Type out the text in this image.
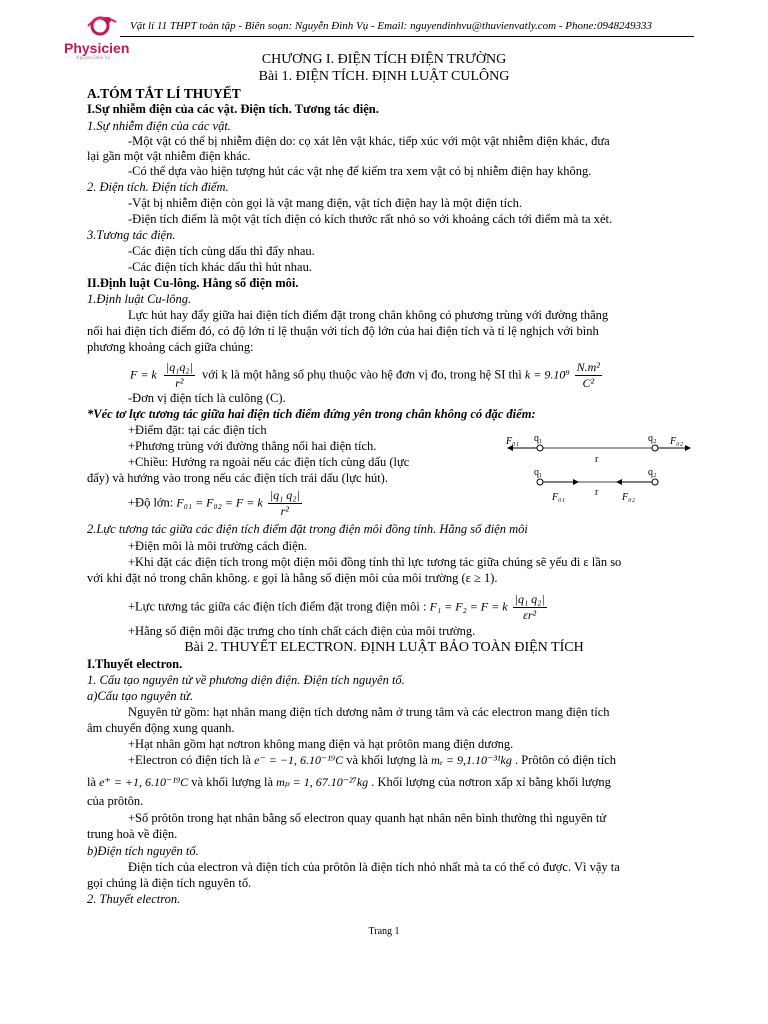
Physicien
Nguyen Dinh Vu
Vật lí 11 THPT toàn tập - Biên soạn: Nguyễn Đình Vụ - Email: nguyendinhvu@thuvienvatly.com - Phone:0948249333
CHƯƠNG I. ĐIỆN TÍCH ĐIỆN TRƯỜNG
Bài 1. ĐIỆN TÍCH. ĐỊNH LUẬT CULÔNG
A.TÓM TẮT LÍ THUYẾT
I.Sự nhiễm điện của các vật. Điện tích. Tương tác điện.
1.Sự nhiễm điện của các vật.
-Một vật có thể bị nhiễm điện do: cọ xát lên vật khác, tiếp xúc với một vật nhiễm điện khác, đưa
lại gần một vật nhiễm điện khác.
-Có thể dựa vào hiện tượng hút các vật nhẹ để kiểm tra xem vật có bị nhiễm điện hay không.
2. Điện tích. Điện tích điểm.
-Vật bị nhiễm điện còn gọi là vật mang điện, vật tích điện hay là một điện tích.
-Điện tích điểm là một vật tích điện có kích thước rất nhỏ so với khoảng cách tới điểm mà ta xét.
3.Tương tác điện.
-Các điện tích cùng dấu thì đẩy nhau.
-Các điện tích khác dấu thì hút nhau.
II.Định luật Cu-lông. Hằng số điện môi.
1.Định luật Cu-lông.
Lực hút hay đẩy giữa hai điện tích điểm đặt trong chân không có phương trùng với đường thẳng
nối hai điện tích điểm đó, có độ lớn tỉ lệ thuận với tích độ lớn của hai điện tích và tỉ lệ nghịch với bình
phương khoảng cách giữa chúng:
F = k $\frac{\text{|q₁q₂|}}{\text{r²}}$ với k là một hằng số phụ thuộc vào hệ đơn vị đo, trong hệ SI thì $k = 9.10^9 \frac{\text{N.m²}}{\text{C²}}$
-Đơn vị điện tích là culông (C).
*Véc tơ lực tương tác giữa hai điện tích điểm đứng yên trong chân không có đặc điểm:
+Điểm đặt: tại các điện tích
+Phương trùng với đường thẳng nối hai điện tích.
+Chiều: Hướng ra ngoài nếu các điện tích cùng dấu (lực
đẩy) và hướng vào trong nếu các điện tích trái dấu (lực hút).
+Độ lớn: F₀₁ = F₀₂ = F = k $\frac{\text{|q₁ q₂|}}{\text{r²}}$
F₀₁ q₁	q₂ F₀₂
r
q₁	q₂
r
F₀₁	F₀₂
2.Lực tương tác giữa các điện tích điểm đặt trong điện môi đồng tính. Hằng số điện môi
+Điện môi là môi trường cách điện.
+Khi đặt các điện tích trong một điện môi đồng tính thì lực tương tác giữa chúng sẽ yếu đi ε lần so
với khi đặt nó trong chân không. ε gọi là hằng số điện môi của môi trường (ε ≥ 1).
+Lực tương tác giữa các điện tích điểm đặt trong điện môi : F₁ = F₂ = F = k $\frac{\text{|q₁ q₂|}}{\text{εr²}}$
+Hằng số điện môi đặc trưng cho tính chất cách điện của môi trường.
Bài 2. THUYẾT ELECTRON. ĐỊNH LUẬT BẢO TOÀN ĐIỆN TÍCH
I.Thuyết electron.
1. Cấu tạo nguyên tử về phương diện điện. Điện tích nguyên tố.
a)Cấu tạo nguyên tử.
Nguyên tử gồm: hạt nhân mang điện tích dương nằm ở trung tâm và các electron mang điện tích
âm chuyển động xung quanh.
+Hạt nhân gồm hạt nơtron không mang điện và hạt prôtôn mang điện dương.
+Electron có điện tích là e⁻ = −1, 6.10⁻¹⁹C và khối lượng là mₑ = 9,1.10⁻³¹kg . Prôtôn có điện tích
là e⁺ = +1, 6.10⁻¹⁹C và khối lượng là mₚ = 1, 67.10⁻²⁷kg . Khối lượng của nơtron xấp xỉ bằng khối lượng
của prôtôn.
+Số prôtôn trong hạt nhân bằng số electron quay quanh hạt nhân nên bình thường thì nguyên tử
trung hoà về điện.
b)Điện tích nguyên tố.
Điện tích của electron và điện tích của prôtôn là điện tích nhỏ nhất mà ta có thể có được. Vì vậy ta
gọi chúng là điện tích nguyên tố.
2. Thuyết electron.
Trang 1
